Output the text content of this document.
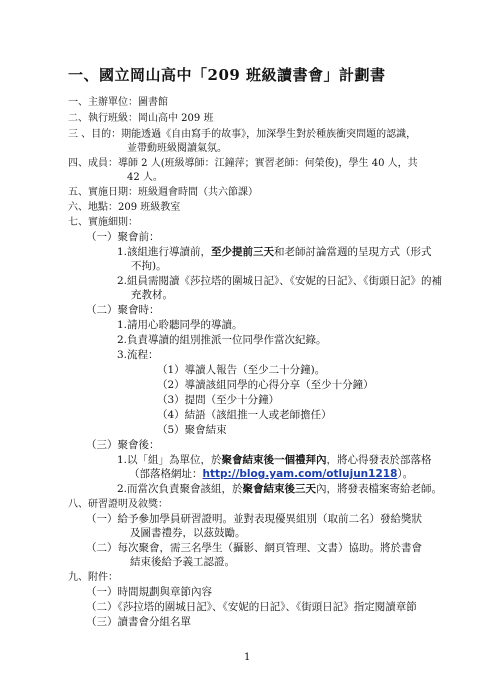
一、國立岡山高中「209 班級讀書會」計劃書
一、主辦單位：圖書館
二、執行班級：岡山高中 209 班
三 、目的：期能透過《自由寫手的故事》，加深學生對於種族衝突問題的認識，
並帶動班級閱讀氣氛。
四、成員：導師 2 人(班級導師：江鐘萍；實習老師：何榮俊)，學生 40 人，共
42 人。
五、實施日期：班級週會時間（共六節課）
六、地點：209 班級教室
七、實施細則：
（一）聚會前：
1.該組進行導讀前，至少提前三天和老師討論當週的呈現方式（形式
不拘)。
2.組員需閱讀《莎拉塔的圍城日記》、《安妮的日記》、《街頭日記》的補
充教材。
（二）聚會時：
1.請用心聆聽同學的導讀。
2.負責導讀的組別推派一位同學作當次紀錄。
3.流程：
（1）導讀人報告（至少二十分鐘)。
（2）導讀該組同學的心得分享（至少十分鐘）
（3）提問（至少十分鐘）
（4）結語（該組推一人或老師擔任）
（5）聚會結束
（三）聚會後：
1.以「組」為單位，於聚會結束後一個禮拜內，將心得發表於部落格
（部落格網址：http://blog.yam.com/otlujun1218）。
2.而當次負責聚會該組，於聚會結束後三天內，將發表檔案寄給老師。
八、研習證明及敘獎：
（一）給予參加學員研習證明。並對表現優異組別（取前二名）發給獎狀
及圖書禮券，以茲鼓勵。
（二）每次聚會，需三名學生（攝影、網頁管理、文書）協助。將於書會
結束後給予義工認證。
九、附件：
1
（一）時間規劃與章節內容
（二）《莎拉塔的圍城日記》、《安妮的日記》、《街頭日記》指定閱讀章節
（三）讀書會分組名單
